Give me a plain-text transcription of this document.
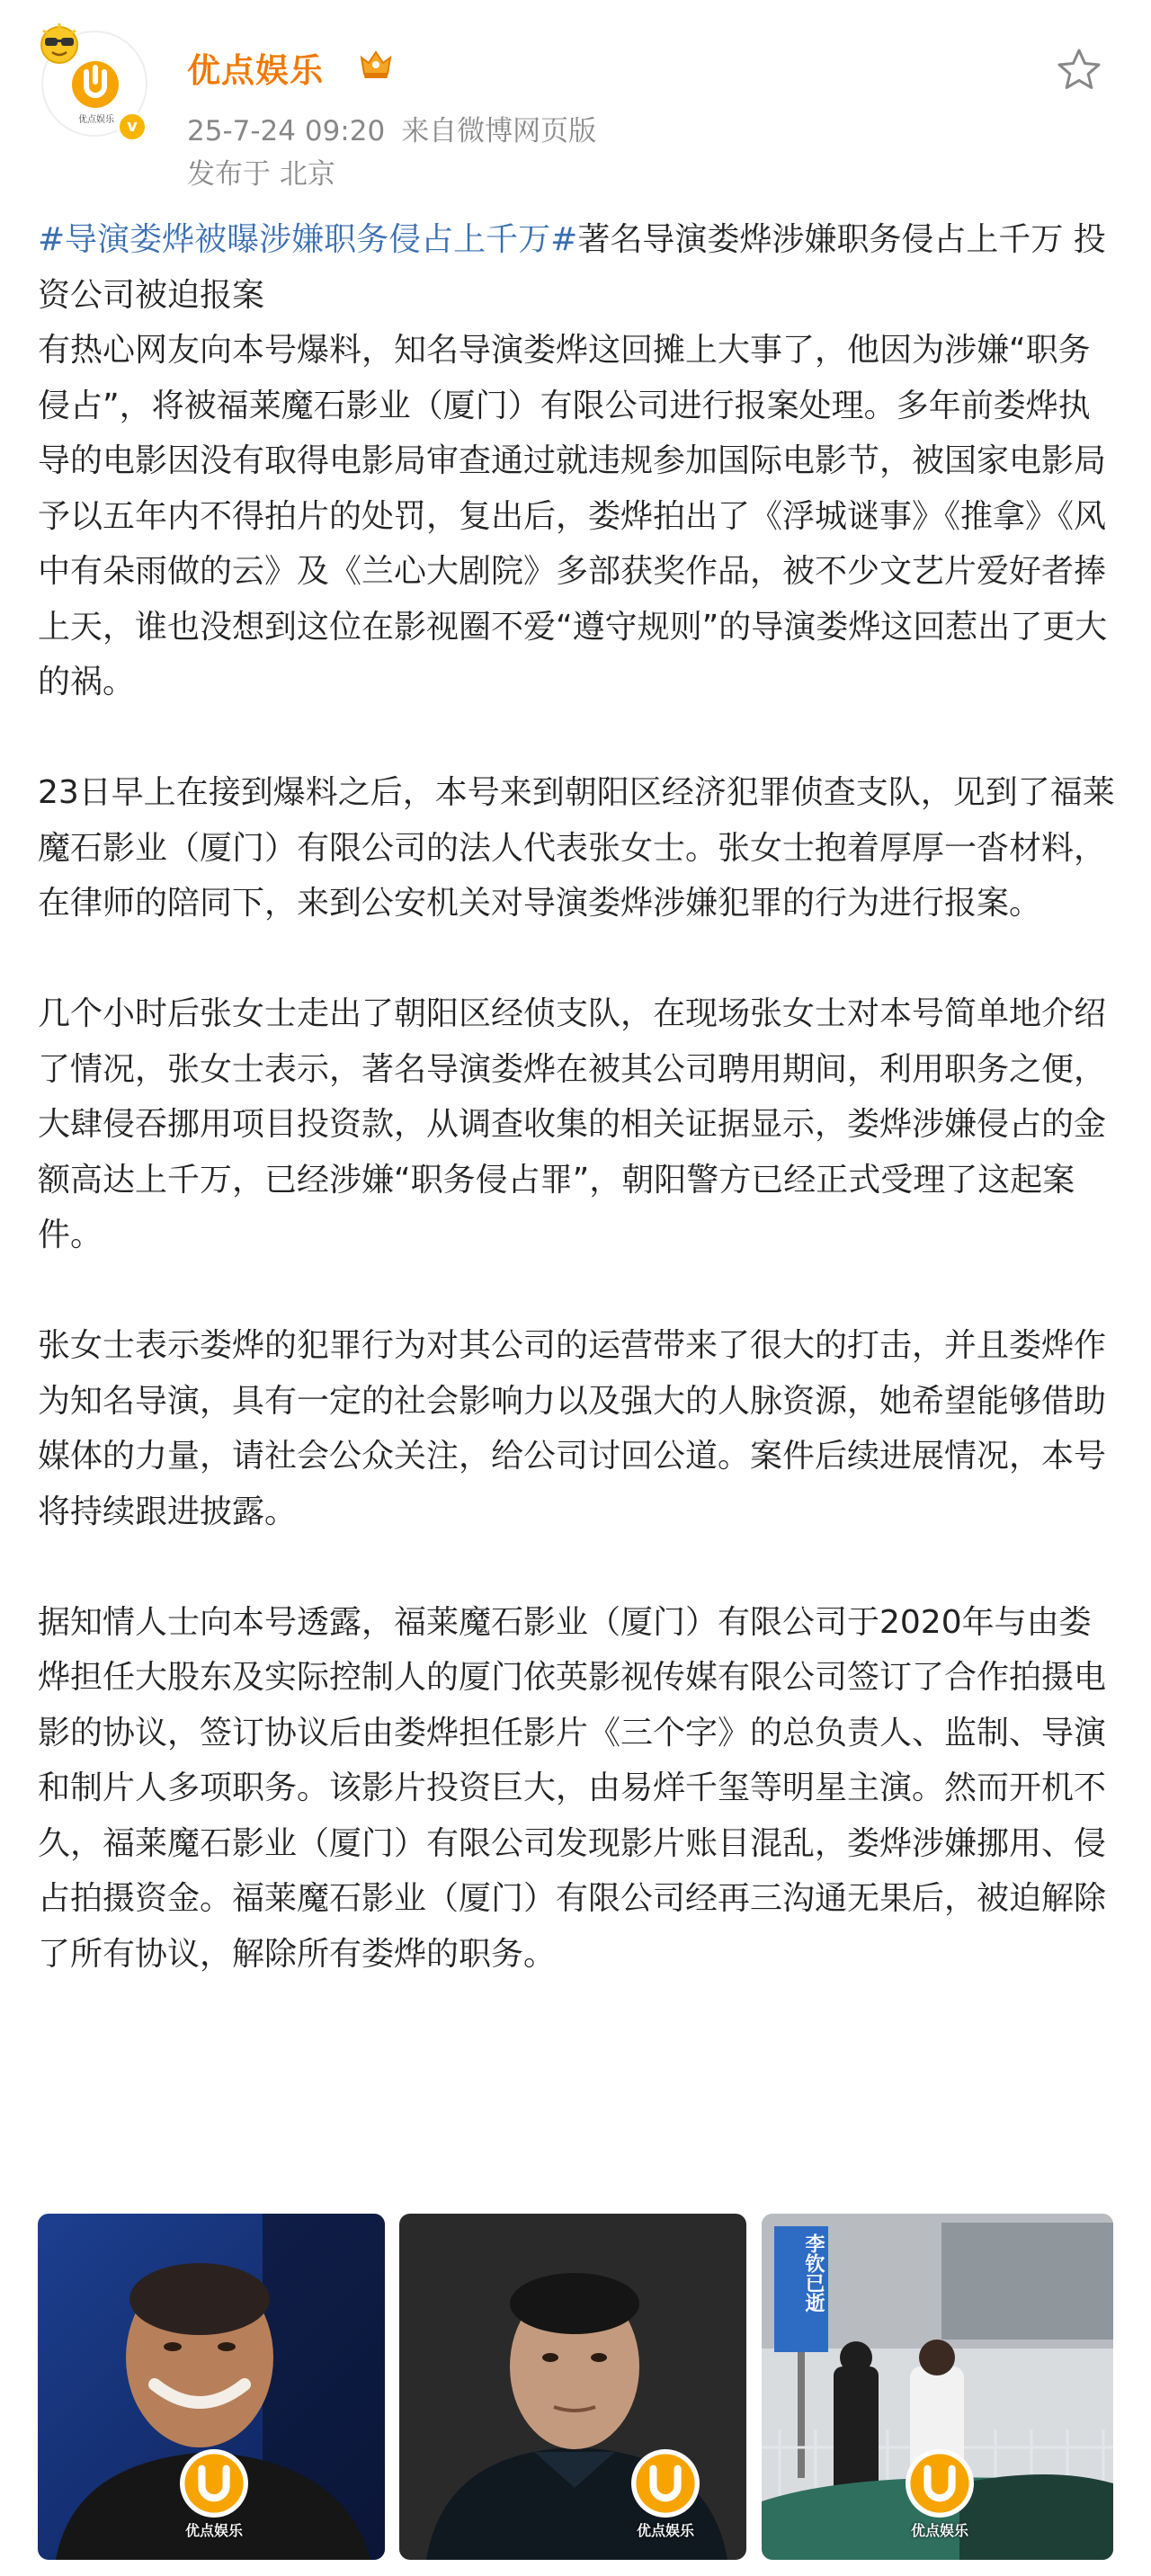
优点娱乐 v
优点娱乐
25-7-24 09:20 来自微博网页版
发布于 北京

#导演娄烨被曝涉嫌职务侵占上千万#著名导演娄烨涉嫌职务侵占上千万 投资公司被迫报案

有热心网友向本号爆料，知名导演娄烨这回摊上大事了，他因为涉嫌“职务侵占”，将被福莱魔石影业（厦门）有限公司进行报案处理。多年前娄烨执导的电影因没有取得电影局审查通过就违规参加国际电影节，被国家电影局予以五年内不得拍片的处罚，复出后，娄烨拍出了《浮城谜事》《推拿》《风中有朵雨做的云》及《兰心大剧院》多部获奖作品，被不少文艺片爱好者捧上天，谁也没想到这位在影视圈不爱“遵守规则”的导演娄烨这回惹出了更大的祸。

23日早上在接到爆料之后，本号来到朝阳区经济犯罪侦查支队，见到了福莱魔石影业（厦门）有限公司的法人代表张女士。张女士抱着厚厚一沓材料，在律师的陪同下，来到公安机关对导演娄烨涉嫌犯罪的行为进行报案。

几个小时后张女士走出了朝阳区经侦支队，在现场张女士对本号简单地介绍了情况，张女士表示，著名导演娄烨在被其公司聘用期间，利用职务之便，大肆侵吞挪用项目投资款，从调查收集的相关证据显示，娄烨涉嫌侵占的金额高达上千万，已经涉嫌“职务侵占罪”，朝阳警方已经正式受理了这起案件。

张女士表示娄烨的犯罪行为对其公司的运营带来了很大的打击，并且娄烨作为知名导演，具有一定的社会影响力以及强大的人脉资源，她希望能够借助媒体的力量，请社会公众关注，给公司讨回公道。案件后续进展情况，本号将持续跟进披露。

据知情人士向本号透露，福莱魔石影业（厦门）有限公司于2020年与由娄烨担任大股东及实际控制人的厦门依英影视传媒有限公司签订了合作拍摄电影的协议，签订协议后由娄烨担任影片《三个字》的总负责人、监制、导演和制片人多项职务。该影片投资巨大，由易烊千玺等明星主演。然而开机不久，福莱魔石影业（厦门）有限公司发现影片账目混乱，娄烨涉嫌挪用、侵占拍摄资金。福莱魔石影业（厦门）有限公司经再三沟通无果后，被迫解除了所有协议，解除所有娄烨的职务。

优点娱乐	优点娱乐
李钦已逝
优点娱乐
